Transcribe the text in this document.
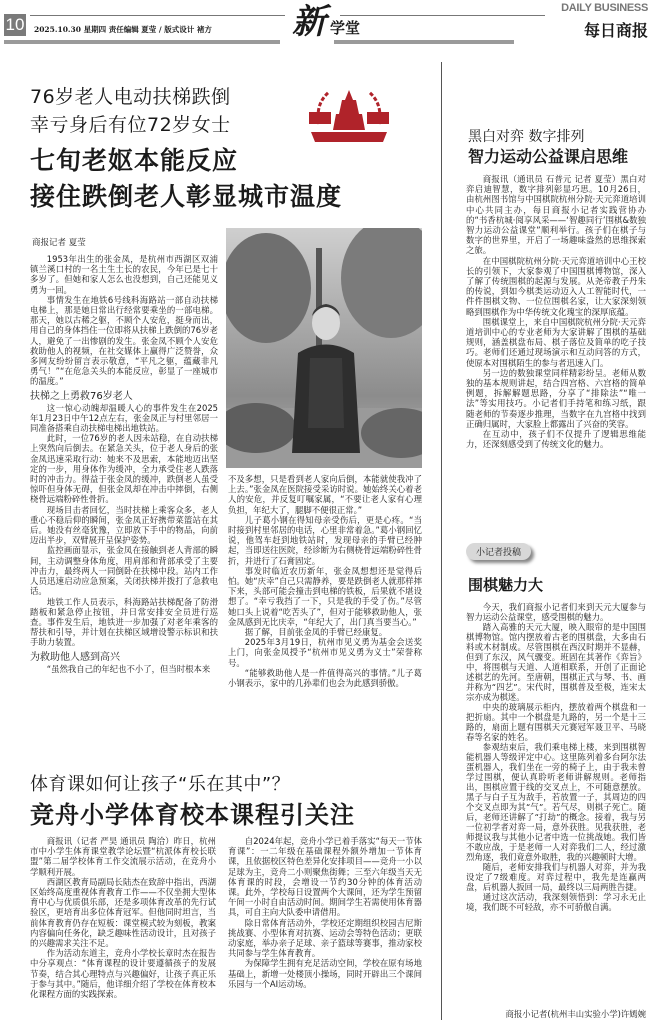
10 2025.10.30 星期四 责任编辑 夏莹 / 版式设计 褚方 新 学堂
DAILY BUSINESS
每日商报
76岁老人电动扶梯跌倒
幸亏身后有位72岁女士
七旬老妪本能反应
接住跌倒老人彰显城市温度
商报记者 夏莹

1953年出生的张金凤，是杭州市西湖区双浦镇兰溪口村的一名土生土长的农民，今年已是七十多岁了。但她和家人怎么也没想到，自己还能见义勇为一回。

事情发生在地铁6号线科海路站一部自动扶梯电梯上，那是她日常出行经常要乘坐的一部电梯。那天，她以古稀之躯，不顾个人安危，挺身而出，用自己的身体挡住一位即将从扶梯上跌倒的76岁老人，避免了一出惨剧的发生。张金凤不顾个人安危救助他人的视频，在社交媒体上赢得广泛赞誉，众多网友纷纷留言表示敬意，“平凡之躯，蕴藏非凡勇气！”“在危急关头的本能反应，彰显了一座城市的温度。”

扶梯之上勇救76岁老人

这一惊心动魄却温暖人心的事件发生在2025年1月23日中午12点左右，张金凤正与村里邻居一同准备搭乘自动扶梯电梯出地铁站。

此时，一位76岁的老人因未站稳，在自动扶梯上突然向后倒去。在紧急关头，位于老人身后的张金凤迅速采取行动：她来不及思索，本能地迈出坚定的一步，用身体作为缓冲，全力承受住老人跌落时的冲击力。得益于张金凤的缓冲，跌倒老人虽受惊吓但身体无碍，但张金凤却在冲击中摔倒，右侧桡骨远端粉碎性骨折。

现场目击者回忆，当时扶梯上乘客众多，老人重心不稳后仰的瞬间，张金凤正好携带菜篮站在其后。她没有丝毫犹豫，立即放下手中的物品，向前迈出半步，双臂展开呈保护姿势。

监控画面显示，张金凤在接触到老人背部的瞬间，主动调整身体角度，用肩部和背部承受了主要冲击力，最终两人一同倒卧在扶梯中段。站内工作人员迅速启动应急预案，关闭扶梯并拨打了急救电话。

地铁工作人员表示，科海路站扶梯配备了防滑踏板和紧急停止按钮，并日常安排安全员进行巡查。事件发生后，地铁进一步加强了对老年乘客的帮扶和引导，并计划在扶梯区域增设警示标识和扶手助力装置。

为救助他人感到高兴

“虽然我自己的年纪也不小了，但当时根本来

不及多想，只是看到老人家向后倒，本能就使我冲了上去。”张金凤在医院接受采访时说。她始终关心着老人的安危，并反复叮嘱家属，“不要让老人家有心理负担，年纪大了，腿脚不便很正常。”

儿子葛小钢在得知母亲受伤后，更是心疼。“当时接到村里邻居的电话，心里非常着急。”葛小钢回忆说，他驾车赶到地铁站时，发现母亲的手臂已经肿起，当即送往医院，经诊断为右侧桡骨远端粉碎性骨折，并进行了石膏固定。

事发时临近农历新年，张金凤想想还是觉得后怕。她“庆幸”自己只需静养，要是跌倒老人就那样摔下来，头部可能会撞击到电梯的铁板，后果就不堪设想了。“幸亏我挡了一下，只是我的手受了伤。”尽管她口头上说着“吃苦头了”，但对于能够救助他人，张金凤感到无比庆幸，“年纪大了，出门真当要当心。”

据了解，目前张金凤的手臂已经康复。

2025年3月19日，杭州市见义勇为基金会送奖上门，向张金凤授予“杭州市见义勇为义士”荣誉称号。

“能够救助他人是一件值得高兴的事情。”儿子葛小钢表示，家中的几孙辈们也会为此感到骄傲。

体育课如何让孩子“乐在其中”？
竞舟小学体育校本课程引关注

商报讯（记者 严昊 通讯员 陶洽）昨日，杭州市中小学生体育课堂教学论坛暨“杭派体育校长联盟”第二届学校体育工作交流展示活动，在竞舟小学顺利开展。

西湖区教育局副局长陆杰在致辞中指出，西湖区始终高度重视体育教育工作——不仅坐拥大型体育中心与优质俱乐部，还是多项体育改革的先行试验区，更培育出多位体育冠军。但他同时坦言，当前体育教育仍存在短板：课堂模式较为刻板，教案内容偏向任务化，缺乏趣味性活动设计，且对孩子的兴趣需求关注不足。

作为活动东道主，竞舟小学校长章时杰在报告中分享观点：“体育课程的设计要遵循孩子的发展节奏，结合其心理特点与兴趣偏好，让孩子真正乐于参与其中。”随后，他详细介绍了学校在体育校本化课程方面的实践探索。

自2024年起，竞舟小学已着手落实“每天一节体育课”：一二年级在基础课程外额外增加一节体育课，且依据校区特色差异化安排项目——竞舟一小以足球为主，竞舟二小则聚焦街舞；三至六年级当天无体育课的时段，会增设一节约30分钟的体育活动课。此外，学校每日设置两个大课间，还为学生预留午间一小时自由活动时间。期间学生若需使用体育器具，可自主向大队委申请借用。

除日常体育活动外，学校还定期组织校园吉尼斯挑战赛、小型体育对抗赛、运动会等特色活动；更联动家庭，举办亲子足球、亲子篮球等赛事，推动家校共同参与学生体育教育。

为保障学生拥有充足活动空间，学校在原有场地基础上，新增一处楼顶小操场，同时开辟出三个课间乐园与一个AI运动场。

黑白对弈 数字排列
智力运动公益课启思维

商报讯（通讯员 石普元 记者 夏莹）黑白对弈启迪智慧，数字排列彰显巧思。10月26日，由杭州图书馆与中国棋院杭州分院·天元弈道培训中心共同主办，每日商报小记者实践营协办的“书香杭城·阅享风采——‘智趣同行’围棋&数独智力运动公益课堂”顺利举行。孩子们在棋子与数字的世界里，开启了一场趣味盎然的思维探索之旅。

在中国棋院杭州分院·天元弈道培训中心王校长的引领下，大家参观了中国围棋博物馆，深入了解了传统围棋的起源与发展。从尧帝教子丹朱的传说，到如今棋类运动迈入人工智能时代，一件件围棋文物、一位位围棋名家，让大家深刻领略到围棋作为中华传统文化瑰宝的深厚底蕴。

围棋课堂上，来自中国棋院杭州分院·天元弈道培训中心的专业老师为大家讲解了围棋的基础规则，涵盖棋盘布局、棋子落位及简单的吃子技巧。老师们还通过现场演示和互动问答的方式，使原本对围棋陌生的参与者迅速入门。

另一边的数独课堂同样精彩纷呈。老师从数独的基本规则讲起，结合四宫格、六宫格的简单例题，拆解解题思路，分享了“排除法”“唯一法”等实用技巧。小记者们手持笔和练习纸，跟随老师的节奏逐步推理，当数字在九宫格中找到正确归属时，大家脸上都露出了兴奋的笑容。

在互动中，孩子们不仅提升了逻辑思维能力，还深刻感受到了传统文化的魅力。

小记者投稿
围棋魅力大

今天，我们商报小记者们来到天元大厦参与智力运动公益课堂，感受围棋的魅力。

踏入高雅的天元大厦，映入眼帘的是中国围棋博物馆。馆内摆放着古老的围棋盘，大多由石料或木材制成。尽管围棋在西汉时期并不显赫，但到了东汉，风气骤变。班固在其著作《弈旨》中，将围棋与天道、人道相联系，开创了正面论述棋艺的先河。至唐朝，围棋正式与琴、书、画并称为“四艺”。宋代时，围棋普及至极，连宋太宗亦成为棋迷。

中央的玻璃展示柜内，摆放着两个棋盘和一把折扇。其中一个棋盘是九路的，另一个是十三路的，扇面上题有围棋天元赛冠军聂卫平、马晓春等名家的姓名。

参观结束后，我们乘电梯上楼，来到围棋智能机器人等级评定中心。这里陈列着多台阿尔法蛋机器人，我们坐在一旁的椅子上，由于我未曾学过围棋，便认真聆听老师讲解规则。老师指出，围棋应置于线的交叉点上，不可随意摆放。黑子与白子互为敌手，若放置一子，其周边的四个交叉点即为其“气”。若气尽，则棋子死亡。随后，老师还讲解了“打劫”的概念。接着，我与另一位初学者对弈一局，意外获胜。见我获胜，老师提议我与其他小记者中选一位挑战她。我们皆不敢应战，于是老师一人对弈我们二人，经过激烈角逐，我们竟意外取胜，我的兴趣顿时大增。

随后，老师安排我们与机器人对弈，并为我设定了7级难度。对弈过程中，我先是连赢两盘，后机器人扳回一局，最终以三局两胜告捷。

通过这次活动，我深刻领悟到：学习永无止境，我们既不可轻敌，亦不可骄傲自满。

商报小记者(杭州丰山实验小学)许嫣婉
